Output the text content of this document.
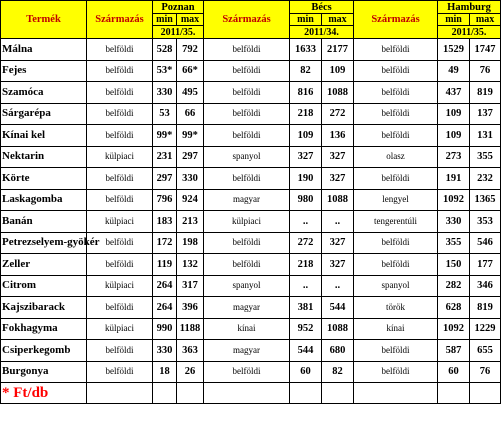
Termék	Származás	Poznan		Származás	Bécs		Származás	Hamburg	
		min	max		min	max		min	max
		2011/35.			2011/34.			2011/35.	
Málna	belföldi	528	792	belföldi	1633	2177	belföldi	1529	1747
Fejes	belföldi	53*	66*	belföldi	82	109	belföldi	49	76
Szamóca	belföldi	330	495	belföldi	816	1088	belföldi	437	819
Sárgarépa	belföldi	53	66	belföldi	218	272	belföldi	109	137
Kínai kel	belföldi	99*	99*	belföldi	109	136	belföldi	109	131
Nektarin	külpiaci	231	297	spanyol	327	327	olasz	273	355
Körte	belföldi	297	330	belföldi	190	327	belföldi	191	232
Laskagomba	belföldi	796	924	magyar	980	1088	lengyel	1092	1365
Banán	külpiaci	183	213	külpiaci	..	..	tengerentúli	330	353
Petrezselyem-gyökér	belföldi	172	198	belföldi	272	327	belföldi	355	546
Zeller	belföldi	119	132	belföldi	218	327	belföldi	150	177
Citrom	külpiaci	264	317	spanyol	..	..	spanyol	282	346
Kajszibarack	belföldi	264	396	magyar	381	544	török	628	819
Fokhagyma	külpiaci	990	1188	kínai	952	1088	kínai	1092	1229
Csiperkegomb	belföldi	330	363	magyar	544	680	belföldi	587	655
Burgonya	belföldi	18	26	belföldi	60	82	belföldi	60	76
* Ft/db									
